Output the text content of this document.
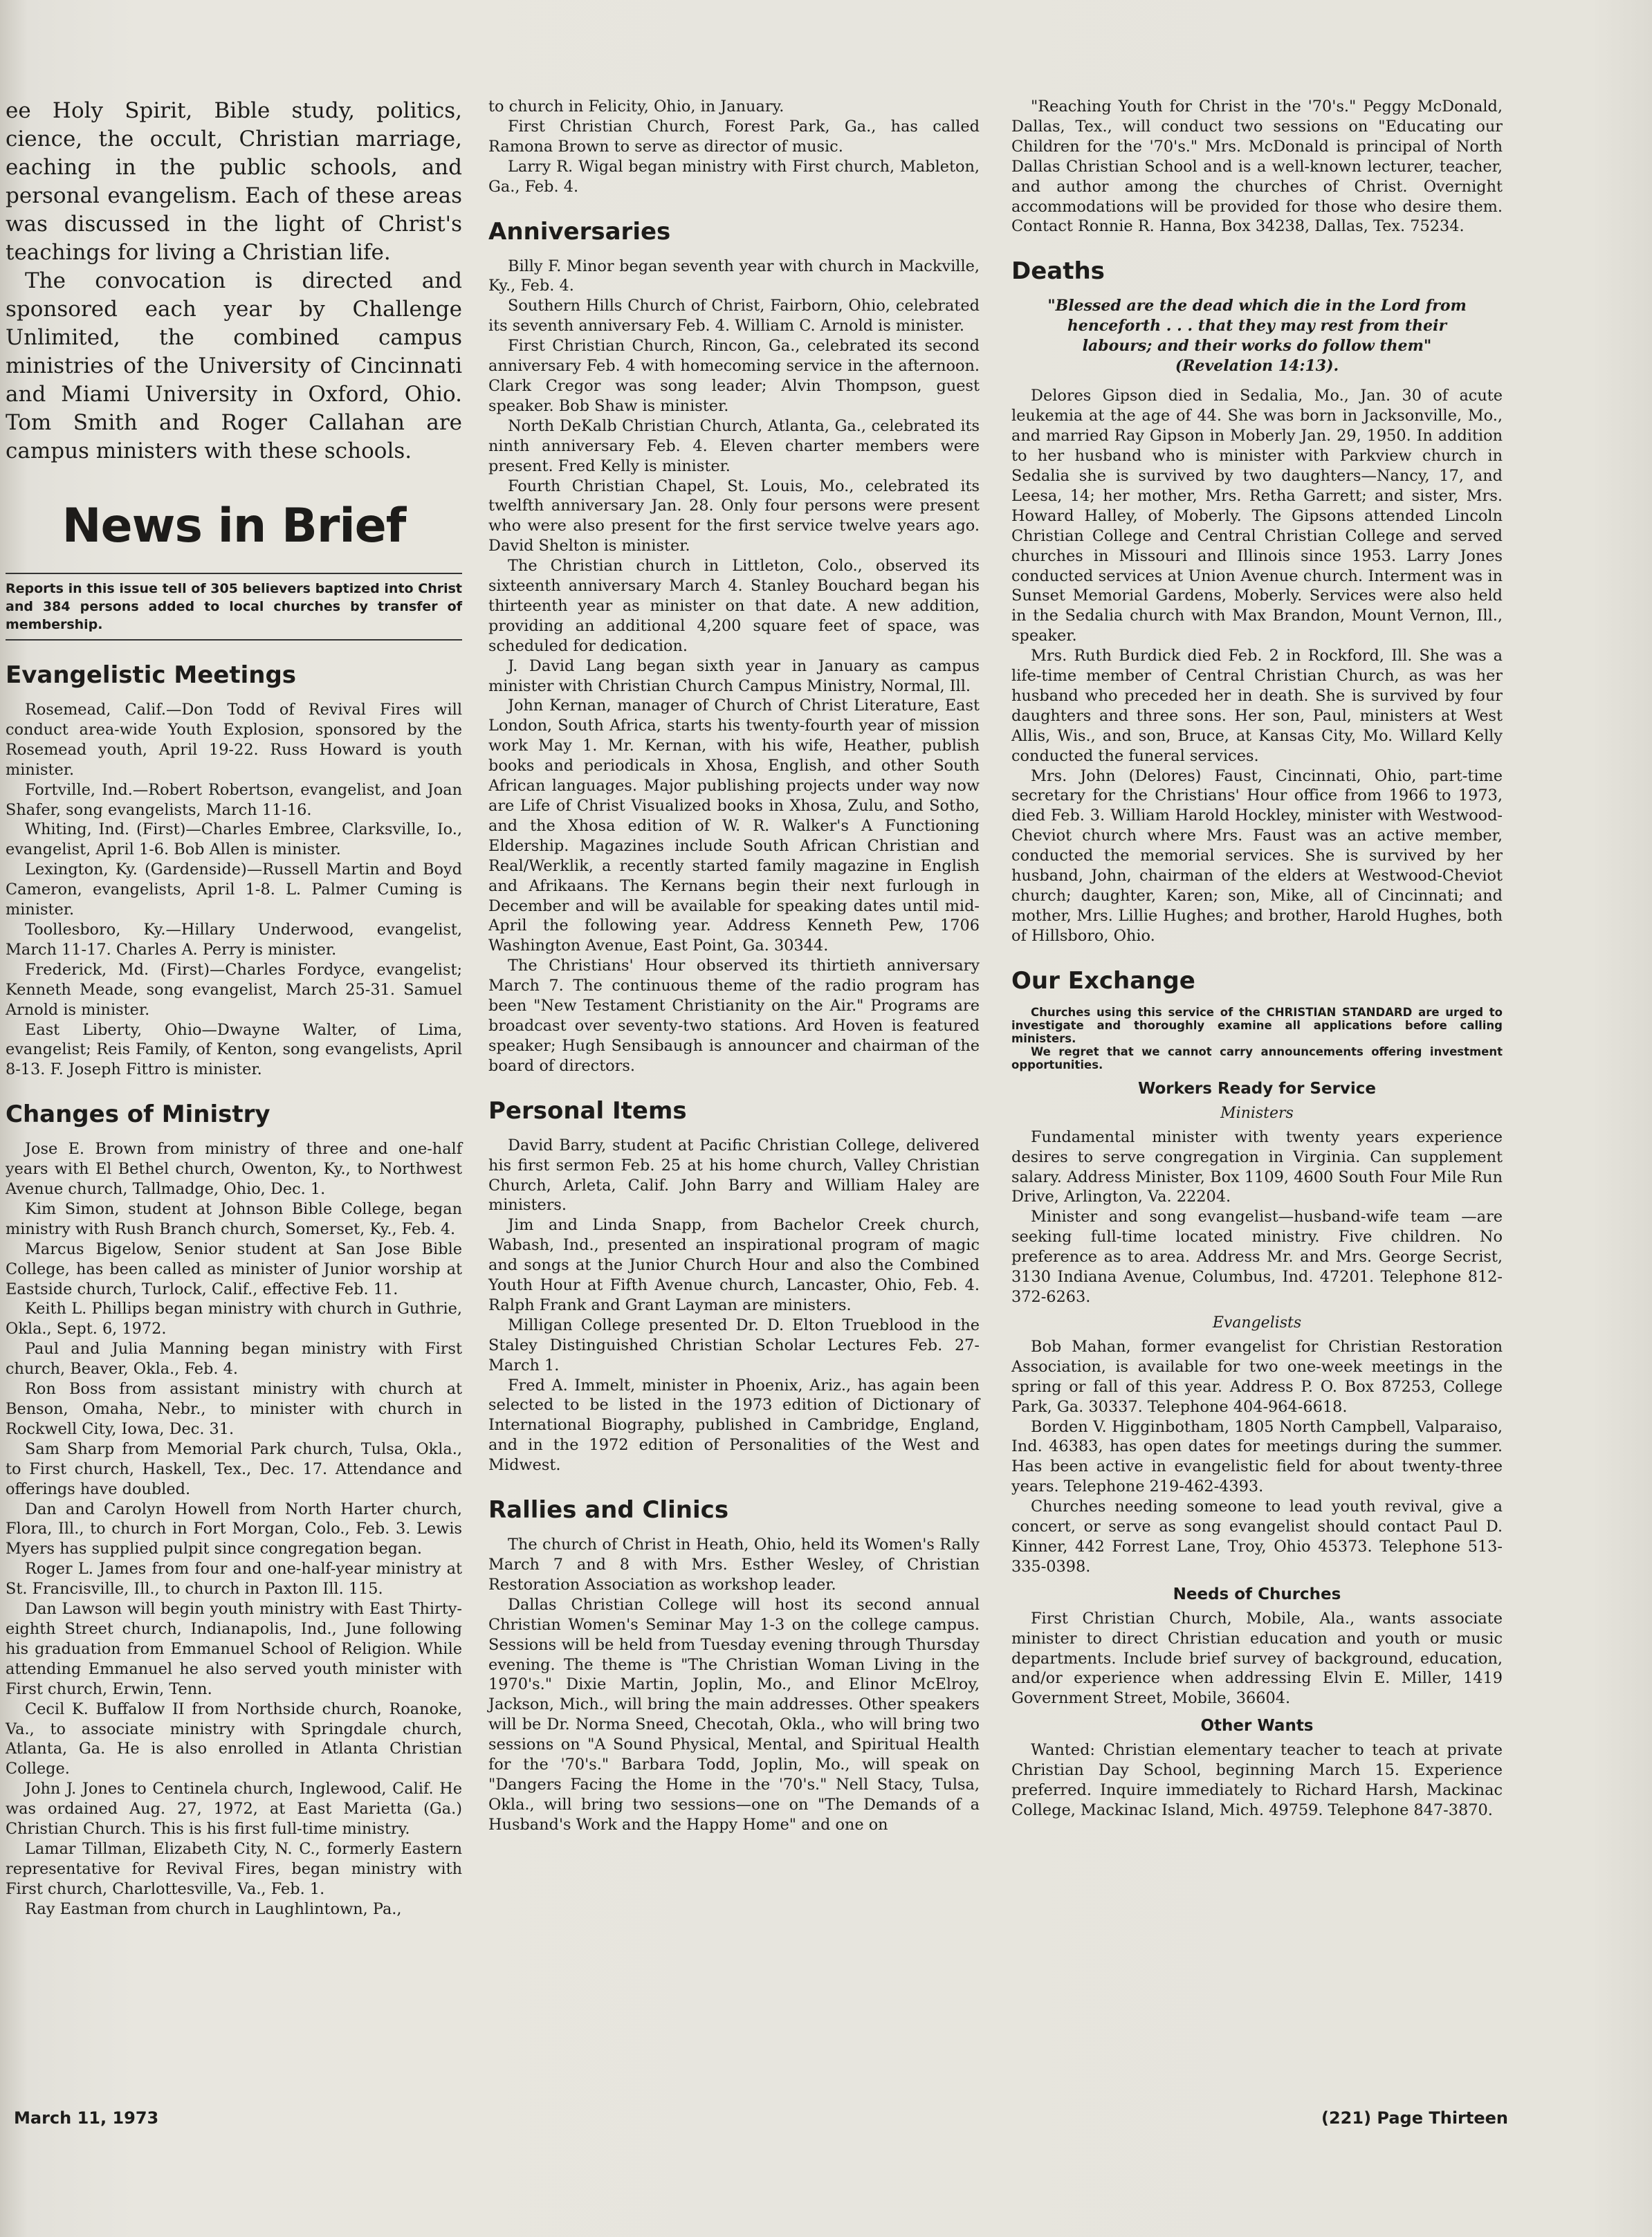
ee Holy Spirit, Bible study, politics, cience, the occult, Christian marriage, eaching in the public schools, and personal evangelism. Each of these areas was discussed in the light of Christ's teachings for living a Christian life.

The convocation is directed and sponsored each year by Challenge Unlimited, the combined campus ministries of the University of Cincinnati and Miami University in Oxford, Ohio. Tom Smith and Roger Callahan are campus ministers with these schools.

News in Brief
Reports in this issue tell of 305 believers baptized into Christ and 384 persons added to local churches by transfer of membership.
Evangelistic Meetings

Rosemead, Calif.—Don Todd of Revival Fires will conduct area-wide Youth Explosion, sponsored by the Rosemead youth, April 19-22. Russ Howard is youth minister.

Fortville, Ind.—Robert Robertson, evangelist, and Joan Shafer, song evangelists, March 11-16.

Whiting, Ind. (First)—Charles Embree, Clarksville, Io., evangelist, April 1-6. Bob Allen is minister.

Lexington, Ky. (Gardenside)—Russell Martin and Boyd Cameron, evangelists, April 1-8. L. Palmer Cuming is minister.

Toollesboro, Ky.—Hillary Underwood, evangelist, March 11-17. Charles A. Perry is minister.

Frederick, Md. (First)—Charles Fordyce, evangelist; Kenneth Meade, song evangelist, March 25-31. Samuel Arnold is minister.

East Liberty, Ohio—Dwayne Walter, of Lima, evangelist; Reis Family, of Kenton, song evangelists, April 8-13. F. Joseph Fittro is minister.

Changes of Ministry

Jose E. Brown from ministry of three and one-half years with El Bethel church, Owenton, Ky., to Northwest Avenue church, Tallmadge, Ohio, Dec. 1.

Kim Simon, student at Johnson Bible College, began ministry with Rush Branch church, Somerset, Ky., Feb. 4.

Marcus Bigelow, Senior student at San Jose Bible College, has been called as minister of Junior worship at Eastside church, Turlock, Calif., effective Feb. 11.

Keith L. Phillips began ministry with church in Guthrie, Okla., Sept. 6, 1972.

Paul and Julia Manning began ministry with First church, Beaver, Okla., Feb. 4.

Ron Boss from assistant ministry with church at Benson, Omaha, Nebr., to minister with church in Rockwell City, Iowa, Dec. 31.

Sam Sharp from Memorial Park church, Tulsa, Okla., to First church, Haskell, Tex., Dec. 17. Attendance and offerings have doubled.

Dan and Carolyn Howell from North Harter church, Flora, Ill., to church in Fort Morgan, Colo., Feb. 3. Lewis Myers has supplied pulpit since congregation began.

Roger L. James from four and one-half-year ministry at St. Francisville, Ill., to church in Paxton Ill. 115.

Dan Lawson will begin youth ministry with East Thirty-eighth Street church, Indianapolis, Ind., June following his graduation from Emmanuel School of Religion. While attending Emmanuel he also served youth minister with First church, Erwin, Tenn.

Cecil K. Buffalow II from Northside church, Roanoke, Va., to associate ministry with Springdale church, Atlanta, Ga. He is also enrolled in Atlanta Christian College.

John J. Jones to Centinela church, Inglewood, Calif. He was ordained Aug. 27, 1972, at East Marietta (Ga.) Christian Church. This is his first full-time ministry.

Lamar Tillman, Elizabeth City, N. C., formerly Eastern representative for Revival Fires, began ministry with First church, Charlottesville, Va., Feb. 1.

Ray Eastman from church in Laughlintown, Pa.,

to church in Felicity, Ohio, in January.

First Christian Church, Forest Park, Ga., has called Ramona Brown to serve as director of music.

Larry R. Wigal began ministry with First church, Mableton, Ga., Feb. 4.

Anniversaries

Billy F. Minor began seventh year with church in Mackville, Ky., Feb. 4.

Southern Hills Church of Christ, Fairborn, Ohio, celebrated its seventh anniversary Feb. 4. William C. Arnold is minister.

First Christian Church, Rincon, Ga., celebrated its second anniversary Feb. 4 with homecoming service in the afternoon. Clark Cregor was song leader; Alvin Thompson, guest speaker. Bob Shaw is minister.

North DeKalb Christian Church, Atlanta, Ga., celebrated its ninth anniversary Feb. 4. Eleven charter members were present. Fred Kelly is minister.

Fourth Christian Chapel, St. Louis, Mo., celebrated its twelfth anniversary Jan. 28. Only four persons were present who were also present for the first service twelve years ago. David Shelton is minister.

The Christian church in Littleton, Colo., observed its sixteenth anniversary March 4. Stanley Bouchard began his thirteenth year as minister on that date. A new addition, providing an additional 4,200 square feet of space, was scheduled for dedication.

J. David Lang began sixth year in January as campus minister with Christian Church Campus Ministry, Normal, Ill.

John Kernan, manager of Church of Christ Literature, East London, South Africa, starts his twenty-fourth year of mission work May 1. Mr. Kernan, with his wife, Heather, publish books and periodicals in Xhosa, English, and other South African languages. Major publishing projects under way now are Life of Christ Visualized books in Xhosa, Zulu, and Sotho, and the Xhosa edition of W. R. Walker's A Functioning Eldership. Magazines include South African Christian and Real/Werklik, a recently started family magazine in English and Afrikaans. The Kernans begin their next furlough in December and will be available for speaking dates until mid-April the following year. Address Kenneth Pew, 1706 Washington Avenue, East Point, Ga. 30344.

The Christians' Hour observed its thirtieth anniversary March 7. The continuous theme of the radio program has been "New Testament Christianity on the Air." Programs are broadcast over seventy-two stations. Ard Hoven is featured speaker; Hugh Sensibaugh is announcer and chairman of the board of directors.

Personal Items

David Barry, student at Pacific Christian College, delivered his first sermon Feb. 25 at his home church, Valley Christian Church, Arleta, Calif. John Barry and William Haley are ministers.

Jim and Linda Snapp, from Bachelor Creek church, Wabash, Ind., presented an inspirational program of magic and songs at the Junior Church Hour and also the Combined Youth Hour at Fifth Avenue church, Lancaster, Ohio, Feb. 4. Ralph Frank and Grant Layman are ministers.

Milligan College presented Dr. D. Elton Trueblood in the Staley Distinguished Christian Scholar Lectures Feb. 27-March 1.

Fred A. Immelt, minister in Phoenix, Ariz., has again been selected to be listed in the 1973 edition of Dictionary of International Biography, published in Cambridge, England, and in the 1972 edition of Personalities of the West and Midwest.

Rallies and Clinics

The church of Christ in Heath, Ohio, held its Women's Rally March 7 and 8 with Mrs. Esther Wesley, of Christian Restoration Association as workshop leader.

Dallas Christian College will host its second annual Christian Women's Seminar May 1-3 on the college campus. Sessions will be held from Tuesday evening through Thursday evening. The theme is "The Christian Woman Living in the 1970's." Dixie Martin, Joplin, Mo., and Elinor McElroy, Jackson, Mich., will bring the main addresses. Other speakers will be Dr. Norma Sneed, Checotah, Okla., who will bring two sessions on "A Sound Physical, Mental, and Spiritual Health for the '70's." Barbara Todd, Joplin, Mo., will speak on "Dangers Facing the Home in the '70's." Nell Stacy, Tulsa, Okla., will bring two sessions—one on "The Demands of a Husband's Work and the Happy Home" and one on

"Reaching Youth for Christ in the '70's." Peggy McDonald, Dallas, Tex., will conduct two sessions on "Educating our Children for the '70's." Mrs. McDonald is principal of North Dallas Christian School and is a well-known lecturer, teacher, and author among the churches of Christ. Overnight accommodations will be provided for those who desire them. Contact Ronnie R. Hanna, Box 34238, Dallas, Tex. 75234.

Deaths
"Blessed are the dead which die in the Lord from henceforth . . . that they may rest from their labours; and their works do follow them" (Revelation 14:13).

Delores Gipson died in Sedalia, Mo., Jan. 30 of acute leukemia at the age of 44. She was born in Jacksonville, Mo., and married Ray Gipson in Moberly Jan. 29, 1950. In addition to her husband who is minister with Parkview church in Sedalia she is survived by two daughters—Nancy, 17, and Leesa, 14; her mother, Mrs. Retha Garrett; and sister, Mrs. Howard Halley, of Moberly. The Gipsons attended Lincoln Christian College and Central Christian College and served churches in Missouri and Illinois since 1953. Larry Jones conducted services at Union Avenue church. Interment was in Sunset Memorial Gardens, Moberly. Services were also held in the Sedalia church with Max Brandon, Mount Vernon, Ill., speaker.

Mrs. Ruth Burdick died Feb. 2 in Rockford, Ill. She was a life-time member of Central Christian Church, as was her husband who preceded her in death. She is survived by four daughters and three sons. Her son, Paul, ministers at West Allis, Wis., and son, Bruce, at Kansas City, Mo. Willard Kelly conducted the funeral services.

Mrs. John (Delores) Faust, Cincinnati, Ohio, part-time secretary for the Christians' Hour office from 1966 to 1973, died Feb. 3. William Harold Hockley, minister with Westwood-Cheviot church where Mrs. Faust was an active member, conducted the memorial services. She is survived by her husband, John, chairman of the elders at Westwood-Cheviot church; daughter, Karen; son, Mike, all of Cincinnati; and mother, Mrs. Lillie Hughes; and brother, Harold Hughes, both of Hillsboro, Ohio.

Our Exchange
Churches using this service of the CHRISTIAN STANDARD are urged to investigate and thoroughly examine all applications before calling ministers.
We regret that we cannot carry announcements offering investment opportunities.
Workers Ready for Service
Ministers

Fundamental minister with twenty years experience desires to serve congregation in Virginia. Can supplement salary. Address Minister, Box 1109, 4600 South Four Mile Run Drive, Arlington, Va. 22204.

Minister and song evangelist—husband-wife team —are seeking full-time located ministry. Five children. No preference as to area. Address Mr. and Mrs. George Secrist, 3130 Indiana Avenue, Columbus, Ind. 47201. Telephone 812-372-6263.

Evangelists

Bob Mahan, former evangelist for Christian Restoration Association, is available for two one-week meetings in the spring or fall of this year. Address P. O. Box 87253, College Park, Ga. 30337. Telephone 404-964-6618.

Borden V. Higginbotham, 1805 North Campbell, Valparaiso, Ind. 46383, has open dates for meetings during the summer. Has been active in evangelistic field for about twenty-three years. Telephone 219-462-4393.

Churches needing someone to lead youth revival, give a concert, or serve as song evangelist should contact Paul D. Kinner, 442 Forrest Lane, Troy, Ohio 45373. Telephone 513-335-0398.

Needs of Churches

First Christian Church, Mobile, Ala., wants associate minister to direct Christian education and youth or music departments. Include brief survey of background, education, and/or experience when addressing Elvin E. Miller, 1419 Government Street, Mobile, 36604.

Other Wants

Wanted: Christian elementary teacher to teach at private Christian Day School, beginning March 15. Experience preferred. Inquire immediately to Richard Harsh, Mackinac College, Mackinac Island, Mich. 49759. Telephone 847-3870.

March 11, 1973	(221) Page Thirteen
